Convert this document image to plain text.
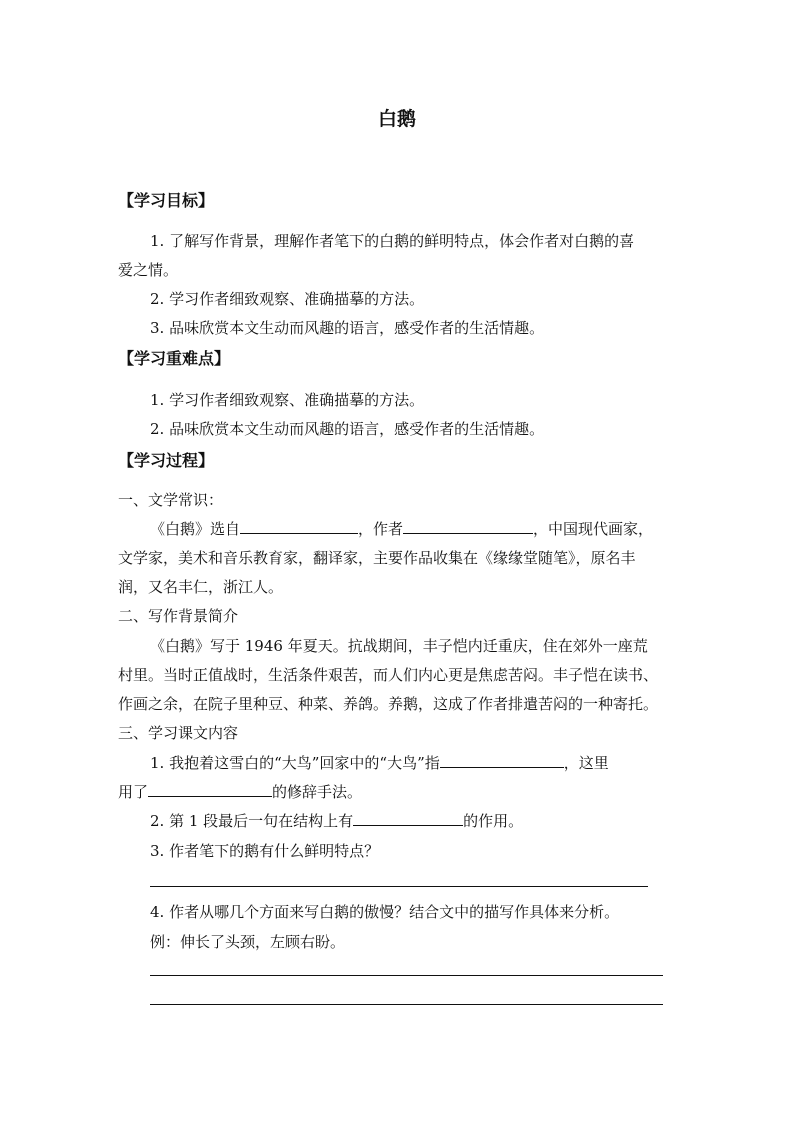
白鹅
【学习目标】
1. 了解写作背景，理解作者笔下的白鹅的鲜明特点，体会作者对白鹅的喜
爱之情。
2. 学习作者细致观察、准确描摹的方法。
3. 品味欣赏本文生动而风趣的语言，感受作者的生活情趣。
【学习重难点】
1. 学习作者细致观察、准确描摹的方法。
2. 品味欣赏本文生动而风趣的语言，感受作者的生活情趣。
【学习过程】
一、文学常识：
《白鹅》选自	，作者	，中国现代画家，
文学家，美术和音乐教育家，翻译家，主要作品收集在《缘缘堂随笔》，原名丰
润，又名丰仁，浙江人。
二、写作背景简介
《白鹅》写于 1946 年夏天。抗战期间，丰子恺内迁重庆，住在郊外一座荒
村里。当时正值战时，生活条件艰苦，而人们内心更是焦虑苦闷。丰子恺在读书、
作画之余，在院子里种豆、种菜、养鸽。养鹅，这成了作者排遣苦闷的一种寄托。
三、学习课文内容
1. 我抱着这雪白的“大鸟”回家中的“大鸟”指	，这里
用了	的修辞手法。
2. 第 1 段最后一句在结构上有	的作用。
3. 作者笔下的鹅有什么鲜明特点？
4. 作者从哪几个方面来写白鹅的傲慢？结合文中的描写作具体来分析。
例：伸长了头颈，左顾右盼。
